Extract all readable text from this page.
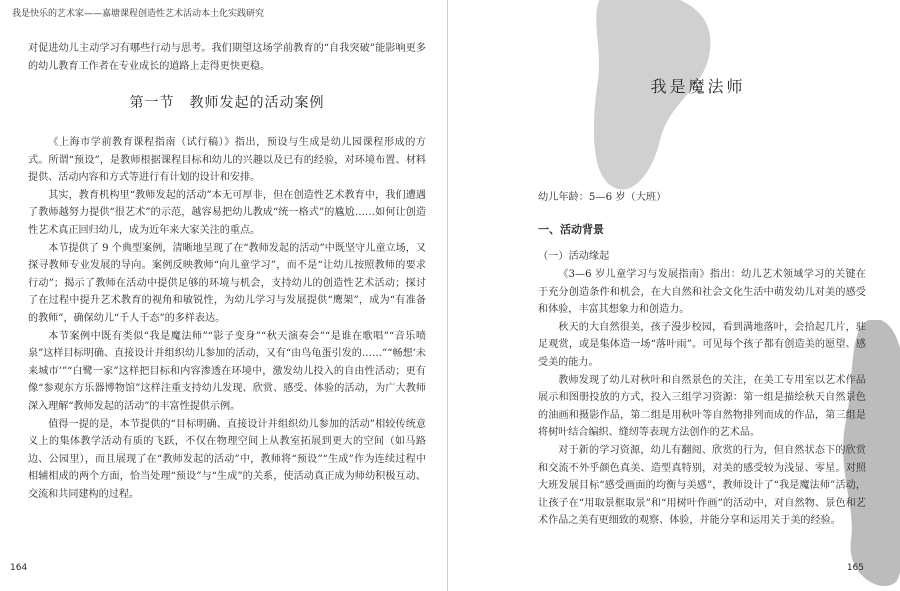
我是快乐的艺术家——嘉塘课程创造性艺术活动本土化实践研究

对促进幼儿主动学习有哪些行动与思考。我们期望这场学前教育的“自我突破”能影响更多的幼儿教育工作者在专业成长的道路上走得更快更稳。

第一节　教师发起的活动案例

《上海市学前教育课程指南（试行稿）》指出，预设与生成是幼儿园课程形成的方式。所谓“预设”，是教师根据课程目标和幼儿的兴趣以及已有的经验，对环境布置、材料提供、活动内容和方式等进行有计划的设计和安排。

其实，教育机构里“教师发起的活动”本无可厚非，但在创造性艺术教育中，我们遭遇了教师越努力提供“很艺术”的示范，越容易把幼儿教成“统一格式”的尴尬……如何让创造性艺术真正回归幼儿，成为近年来大家关注的重点。

本节提供了 9 个典型案例，清晰地呈现了在“教师发起的活动”中既坚守儿童立场，又探寻教师专业发展的导向。案例反映教师“向儿童学习”，而不是“让幼儿按照教师的要求行动”；揭示了教师在活动中提供足够的环境与机会，支持幼儿的创造性艺术活动；探讨了在过程中提升艺术教育的视角和敏锐性，为幼儿学习与发展提供“鹰架”，成为“有准备的教师”，确保幼儿“千人千态”的多样表达。

本节案例中既有类似“我是魔法师”“影子变身”“秋天演奏会”“是谁在歌唱”“音乐喷泉”这样目标明确、直接设计并组织幼儿参加的活动，又有“由鸟龟蛋引发的……”“畅想‘未来城市’”“白鹭一家”这样把目标和内容渗透在环境中，激发幼儿投入的自由性活动；更有像“参观东方乐器博物馆”这样注重支持幼儿发现、欣赏、感受、体验的活动，为广大教师深入理解“教师发起的活动”的丰富性提供示例。

值得一提的是，本节提供的“目标明确、直接设计并组织幼儿参加的活动”相较传统意义上的集体教学活动有质的飞跃，不仅在物理空间上从教室拓展到更大的空间（如马路边、公园里），而且展现了在“教师发起的活动”中，教师将“预设”“生成”作为连续过程中相辅相成的两个方面，恰当处理“预设”与“生成”的关系，使活动真正成为师幼积极互动、交流和共同建构的过程。

164
我是魔法师
幼儿年龄：5—6 岁（大班）
一、活动背景
（一）活动缘起

《3—6 岁儿童学习与发展指南》指出：幼儿艺术领域学习的关键在于充分创造条件和机会，在大自然和社会文化生活中萌发幼儿对美的感受和体验，丰富其想象力和创造力。

秋天的大自然很美，孩子漫步校园，看到满地落叶，会拾起几片，驻足观赏，或是集体造一场“落叶雨”。可见每个孩子都有创造美的愿望、感受美的能力。

教师发现了幼儿对秋叶和自然景色的关注，在美工专用室以艺术作品展示和图册投放的方式，投入三组学习资源：第一组是描绘秋天自然景色的油画和摄影作品，第二组是用秋叶等自然物排列而成的作品，第三组是将树叶结合编织、缝纫等表现方法创作的艺术品。

对于新的学习资源，幼儿有翻阅、欣赏的行为，但自然状态下的欣赏和交流不外乎颜色真美、造型真特别，对美的感受较为浅显、零星。对照大班发展目标“感受画面的均衡与美感”，教师设计了“我是魔法师”活动，让孩子在“用取景框取景”和“用树叶作画”的活动中，对自然物、景色和艺术作品之美有更细致的观察、体验，并能分享和运用关于美的经验。

165
